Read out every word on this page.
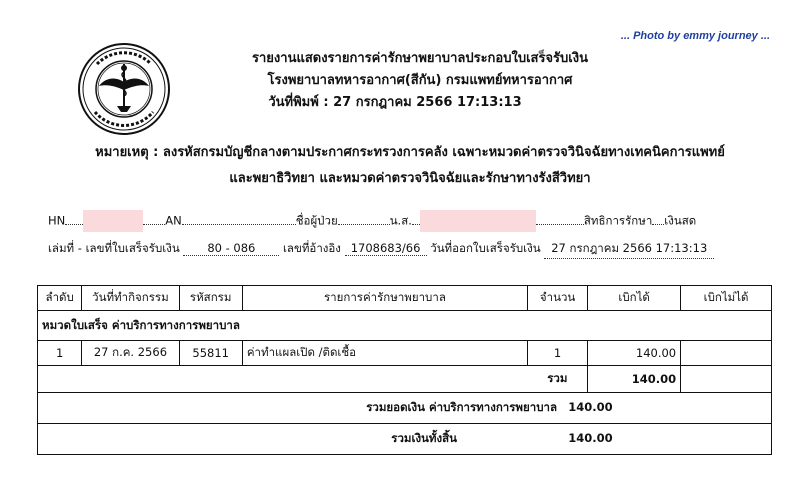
... Photo by emmy journey ...
รายงานแสดงรายการค่ารักษาพยาบาลประกอบใบเสร็จรับเงิน
โรงพยาบาลทหารอากาศ(สีกัน) กรมแพทย์ทหารอากาศ
วันที่พิมพ์ : 27 กรกฎาคม 2566 17:13:13
หมายเหตุ : ลงรหัสกรมบัญชีกลางตามประกาศกระทรวงการคลัง เฉพาะหมวดค่าตรวจวินิจฉัยทางเทคนิคการแพทย์
และพยาธิวิทยา และหมวดค่าตรวจวินิจฉัยและรักษาทางรังสีวิทยา
HN	AN	ชื่อผู้ป่วย	น.ส.	สิทธิการรักษา เงินสด
เล่มที่ - เลขที่ใบเสร็จรับเงิน 80 - 086 เลขที่อ้างอิง 1708683/66 วันที่ออกใบเสร็จรับเงิน 27 กรกฎาคม 2566 17:13:13
ลำดับ	วันที่ทำกิจกรรม	รหัสกรม	รายการค่ารักษาพยาบาล	จำนวน	เบิกได้	เบิกไม่ได้
หมวดใบเสร็จ ค่าบริการทางการพยาบาล						
1	27 ก.ค. 2566	55811	ค่าทำแผลเปิด /ติดเชื้อ	1	140.00	
				รวม	140.00	
รวมยอดเงิน ค่าบริการทางการพยาบาล 140.00						
รวมเงินทั้งสิ้น 140.00						
